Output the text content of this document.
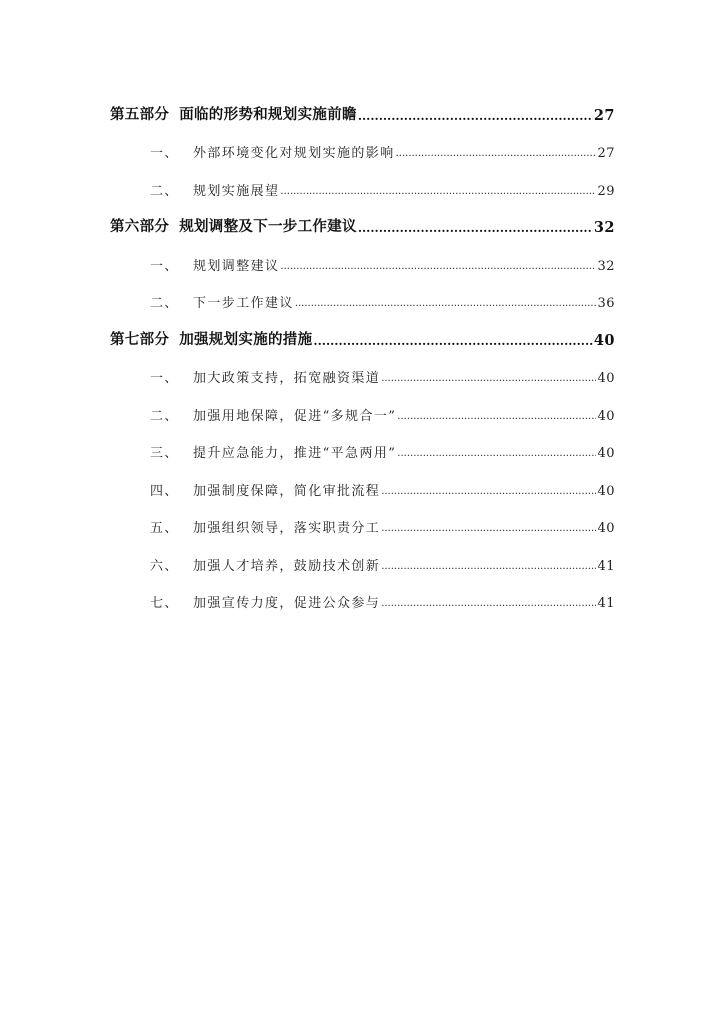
第五部分 面临的形势和规划实施前瞻 .....	27
一、	外部环境变化对规划实施的影响 .....	27
二、	规划实施展望 .....	29
第六部分 规划调整及下一步工作建议 .....	32
一、	规划调整建议 .....	32
二、	下一步工作建议 .....	36
第七部分 加强规划实施的措施 .....	40
一、	加大政策支持，拓宽融资渠道 .....	40
二、	加强用地保障，促进“多规合一” .....	40
三、	提升应急能力，推进“平急两用” .....	40
四、	加强制度保障，简化审批流程 .....	40
五、	加强组织领导，落实职责分工 .....	40
六、	加强人才培养，鼓励技术创新 .....	41
七、	加强宣传力度，促进公众参与 .....	41
